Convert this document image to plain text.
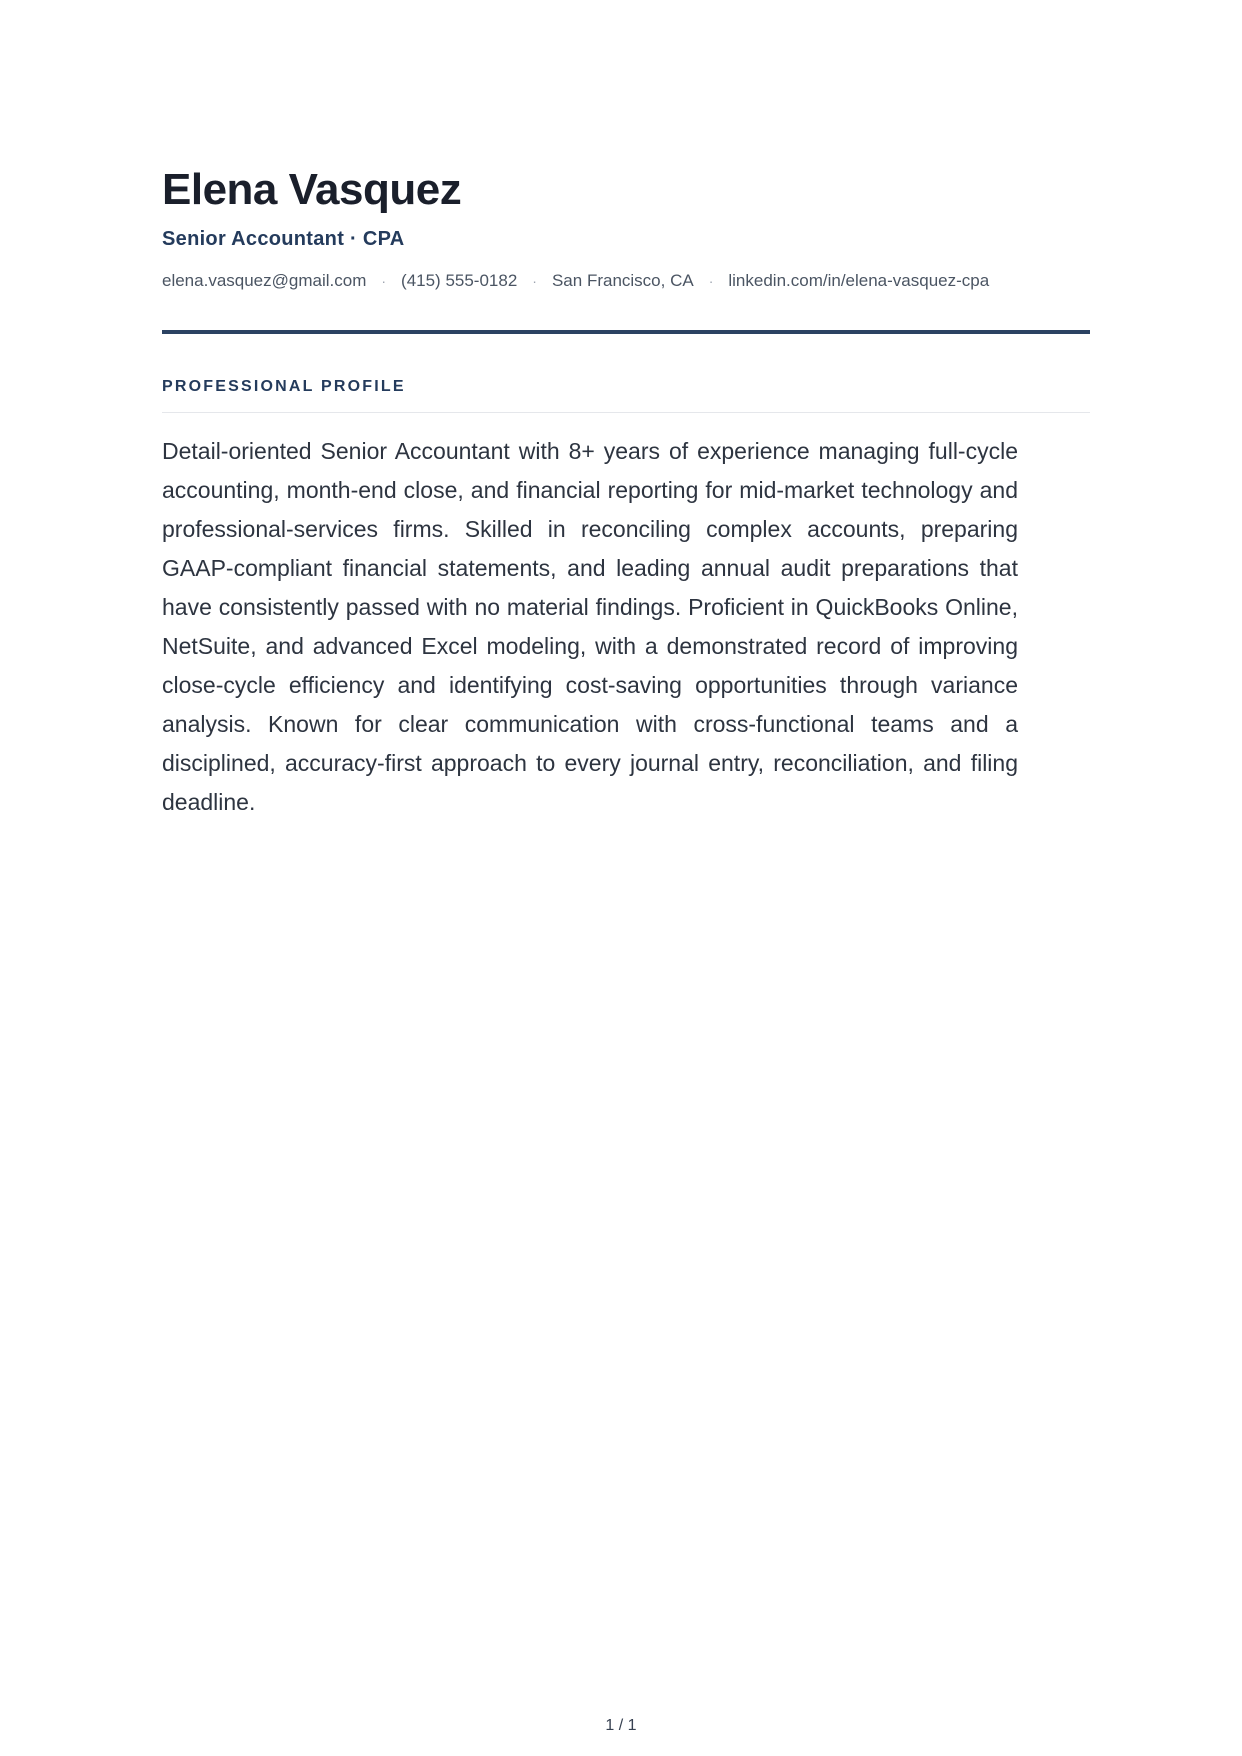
Elena Vasquez
Senior Accountant · CPA
elena.vasquez@gmail.com · (415) 555-0182 · San Francisco, CA · linkedin.com/in/elena-vasquez-cpa
PROFESSIONAL PROFILE

Detail-oriented Senior Accountant with 8+ years of experience managing full-cycle accounting, month-end close, and financial reporting for mid-market technology and professional-services firms. Skilled in reconciling complex accounts, preparing GAAP-compliant financial statements, and leading annual audit preparations that have consistently passed with no material findings. Proficient in QuickBooks Online, NetSuite, and advanced Excel modeling, with a demonstrated record of improving close-cycle efficiency and identifying cost-saving opportunities through variance analysis. Known for clear communication with cross-functional teams and a disciplined, accuracy-first approach to every journal entry, reconciliation, and filing deadline.

1 / 1
